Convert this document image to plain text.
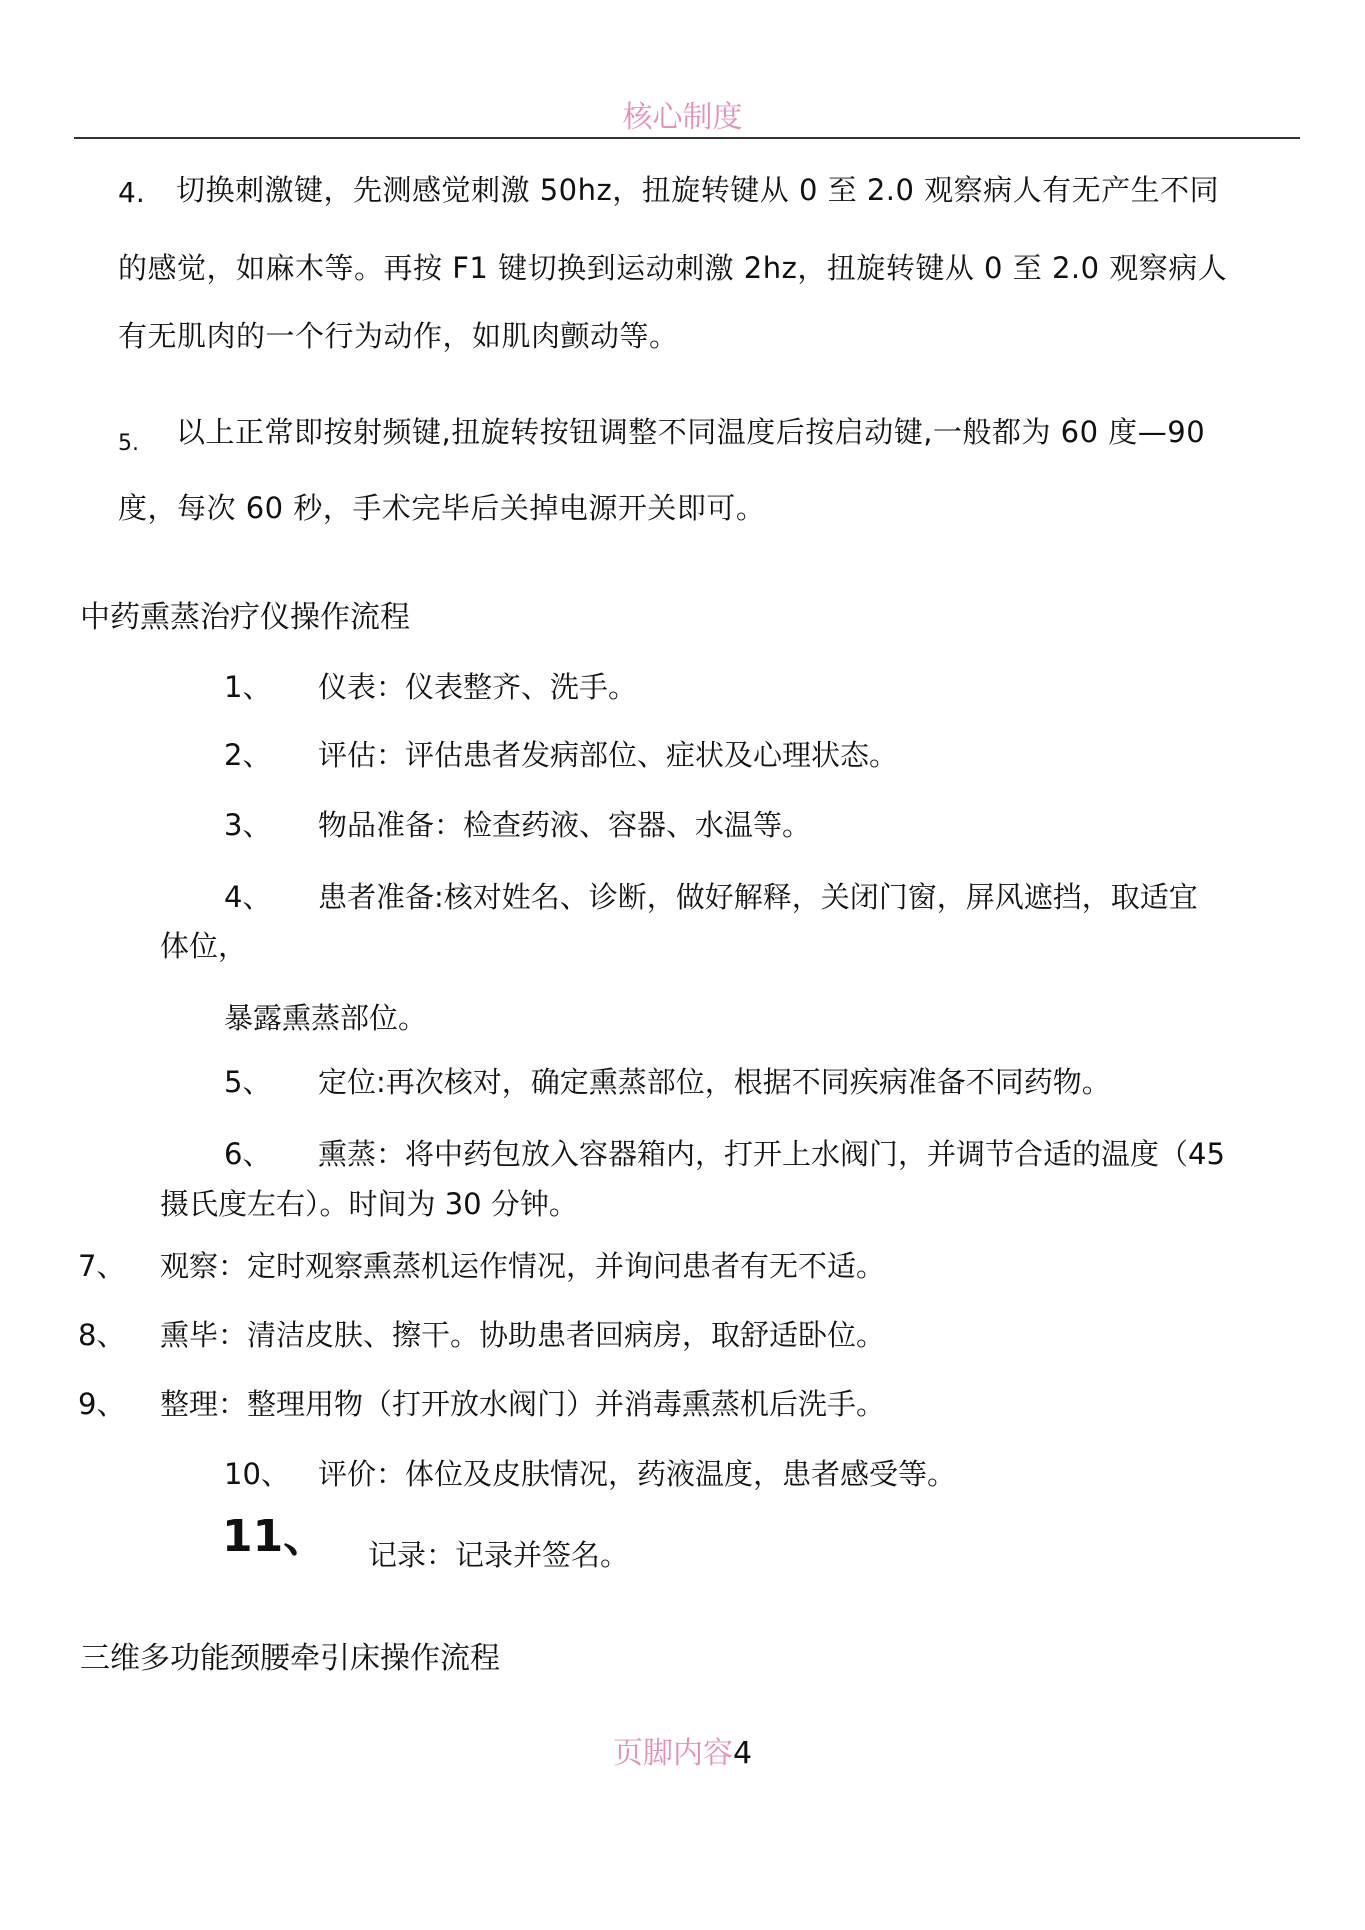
核心制度
4. 切换刺激键，先测感觉刺激 50hz，扭旋转键从 0 至 2.0 观察病人有无产生不同
的感觉，如麻木等。再按 F1 键切换到运动刺激 2hz，扭旋转键从 0 至 2.0 观察病人
有无肌肉的一个行为动作，如肌肉颤动等。
5. 以上正常即按射频键,扭旋转按钮调整不同温度后按启动键,一般都为 60 度—90
度，每次 60 秒，手术完毕后关掉电源开关即可。
中药熏蒸治疗仪操作流程
1、 仪表：仪表整齐、洗手。
2、 评估：评估患者发病部位、症状及心理状态。
3、 物品准备：检查药液、容器、水温等。
4、 患者准备:核对姓名、诊断，做好解释，关闭门窗，屏风遮挡，取适宜
体位，
暴露熏蒸部位。
5、 定位:再次核对，确定熏蒸部位，根据不同疾病准备不同药物。
6、 熏蒸：将中药包放入容器箱内，打开上水阀门，并调节合适的温度（45
摄氏度左右）。时间为 30 分钟。
7、 观察：定时观察熏蒸机运作情况，并询问患者有无不适。
8、 熏毕：清洁皮肤、擦干。协助患者回病房，取舒适卧位。
9、 整理：整理用物（打开放水阀门）并消毒熏蒸机后洗手。
10、 评价：体位及皮肤情况，药液温度，患者感受等。
11、 记录：记录并签名。
三维多功能颈腰牵引床操作流程
页脚内容4
